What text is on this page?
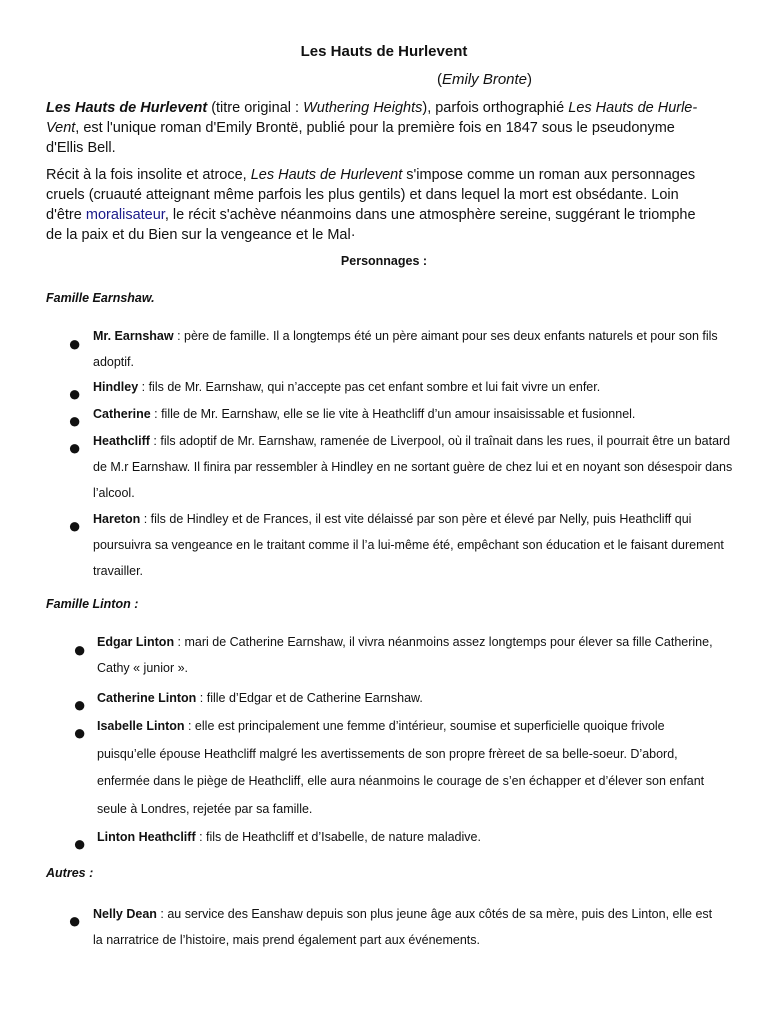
Les Hauts de Hurlevent
(Emily Bronte)

Les Hauts de Hurlevent (titre original : Wuthering Heights), parfois orthographié Les Hauts de Hurle-Vent, est l'unique roman d'Emily Brontë, publié pour la première fois en 1847 sous le pseudonyme d'Ellis Bell.

Récit à la fois insolite et atroce, Les Hauts de Hurlevent s'impose comme un roman aux personnages cruels (cruauté atteignant même parfois les plus gentils) et dans lequel la mort est obsédante. Loin d'être moralisateur, le récit s'achève néanmoins dans une atmosphère sereine, suggérant le triomphe de la paix et du Bien sur la vengeance et le Mal·

Personnages :
Famille Earnshaw.
● Mr. Earnshaw : père de famille. Il a longtemps été un père aimant pour ses deux enfants naturels et pour son fils adoptif.
● Hindley : fils de Mr. Earnshaw, qui n’accepte pas cet enfant sombre et lui fait vivre un enfer.
● Catherine : fille de Mr. Earnshaw, elle se lie vite à Heathcliff d’un amour insaisissable et fusionnel.
● Heathcliff : fils adoptif de Mr. Earnshaw, ramenée de Liverpool, où il traînait dans les rues, il pourrait être un batard de M.r Earnshaw. Il finira par ressembler à Hindley en ne sortant guère de chez lui et en noyant son désespoir dans l’alcool.
● Hareton : fils de Hindley et de Frances, il est vite délaissé par son père et élevé par Nelly, puis Heathcliff qui poursuivra sa vengeance en le traitant comme il l’a lui-même été, empêchant son éducation et le faisant durement travailler.
Famille Linton :
● Edgar Linton : mari de Catherine Earnshaw, il vivra néanmoins assez longtemps pour élever sa fille Catherine, Cathy « junior ».
● Catherine Linton : fille d’Edgar et de Catherine Earnshaw.
● Isabelle Linton : elle est principalement une femme d’intérieur, soumise et superficielle quoique frivole puisqu’elle épouse Heathcliff malgré les avertissements de son propre frèreet de sa belle-soeur. D’abord, enfermée dans le piège de Heathcliff, elle aura néanmoins le courage de s’en échapper et d’élever son enfant seule à Londres, rejetée par sa famille.
● Linton Heathcliff : fils de Heathcliff et d’Isabelle, de nature maladive.
Autres :
● Nelly Dean : au service des Eanshaw depuis son plus jeune âge aux côtés de sa mère, puis des Linton, elle est la narratrice de l’histoire, mais prend également part aux événements.
